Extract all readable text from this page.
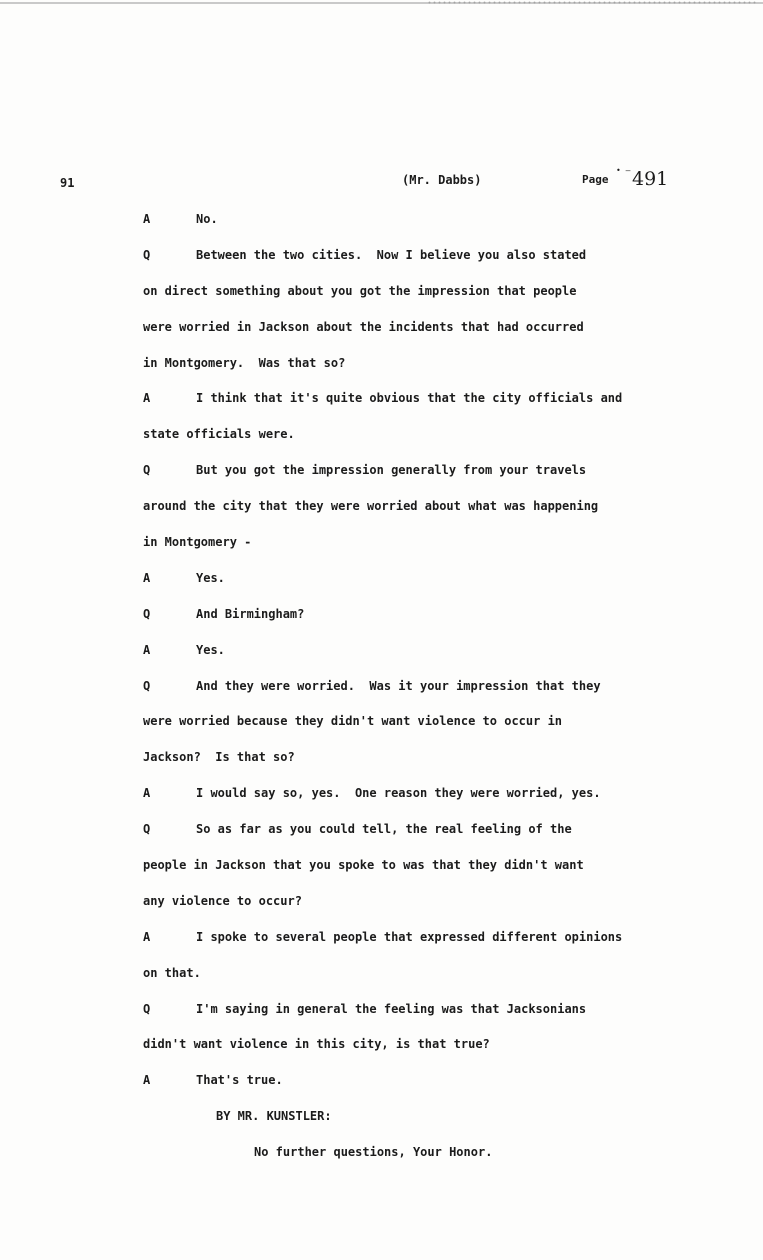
91	(Mr. Dabbs)	Page
• — 491
A	No.
Q	Between the two cities.  Now I believe you also stated
on direct something about you got the impression that people
were worried in Jackson about the incidents that had occurred
in Montgomery.  Was that so?
A	I think that it's quite obvious that the city officials and
state officials were.
Q	But you got the impression generally from your travels
around the city that they were worried about what was happening
in Montgomery -
A	Yes.
Q	And Birmingham?
A	Yes.
Q	And they were worried.  Was it your impression that they
were worried because they didn't want violence to occur in
Jackson?  Is that so?
A	I would say so, yes.  One reason they were worried, yes.
Q	So as far as you could tell, the real feeling of the
people in Jackson that you spoke to was that they didn't want
any violence to occur?
A	I spoke to several people that expressed different opinions
on that.
Q	I'm saying in general the feeling was that Jacksonians
didn't want violence in this city, is that true?
A	That's true.
BY MR. KUNSTLER:
No further questions, Your Honor.
